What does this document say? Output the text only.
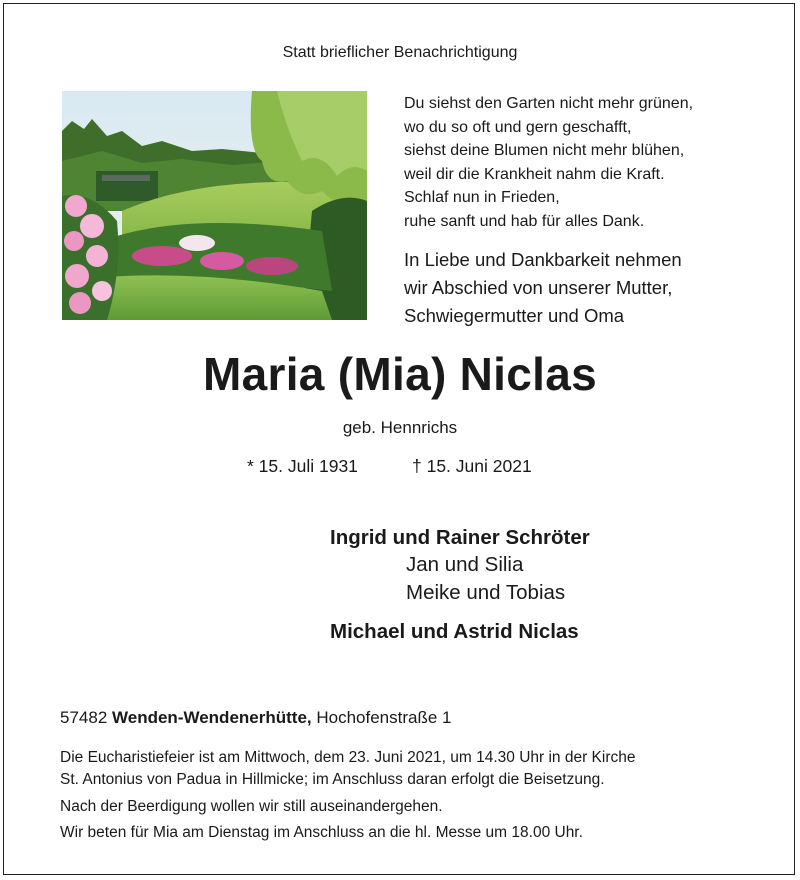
Statt brieflicher Benachrichtigung
Du siehst den Garten nicht mehr grünen,
wo du so oft und gern geschafft,
siehst deine Blumen nicht mehr blühen,
weil dir die Krankheit nahm die Kraft.
Schlaf nun in Frieden,
ruhe sanft und hab für alles Dank.
In Liebe und Dankbarkeit nehmen
wir Abschied von unserer Mutter,
Schwiegermutter und Oma
Maria (Mia) Niclas
geb. Hennrichs
* 15. Juli 1931	† 15. Juni 2021
Ingrid und Rainer Schröter
Jan und Silia
Meike und Tobias
Michael und Astrid Niclas
57482 Wenden-Wendenerhütte, Hochofenstraße 1
Die Eucharistiefeier ist am Mittwoch, dem 23. Juni 2021, um 14.30 Uhr in der Kirche
St. Antonius von Padua in Hillmicke; im Anschluss daran erfolgt die Beisetzung.
Nach der Beerdigung wollen wir still auseinandergehen.
Wir beten für Mia am Dienstag im Anschluss an die hl. Messe um 18.00 Uhr.
